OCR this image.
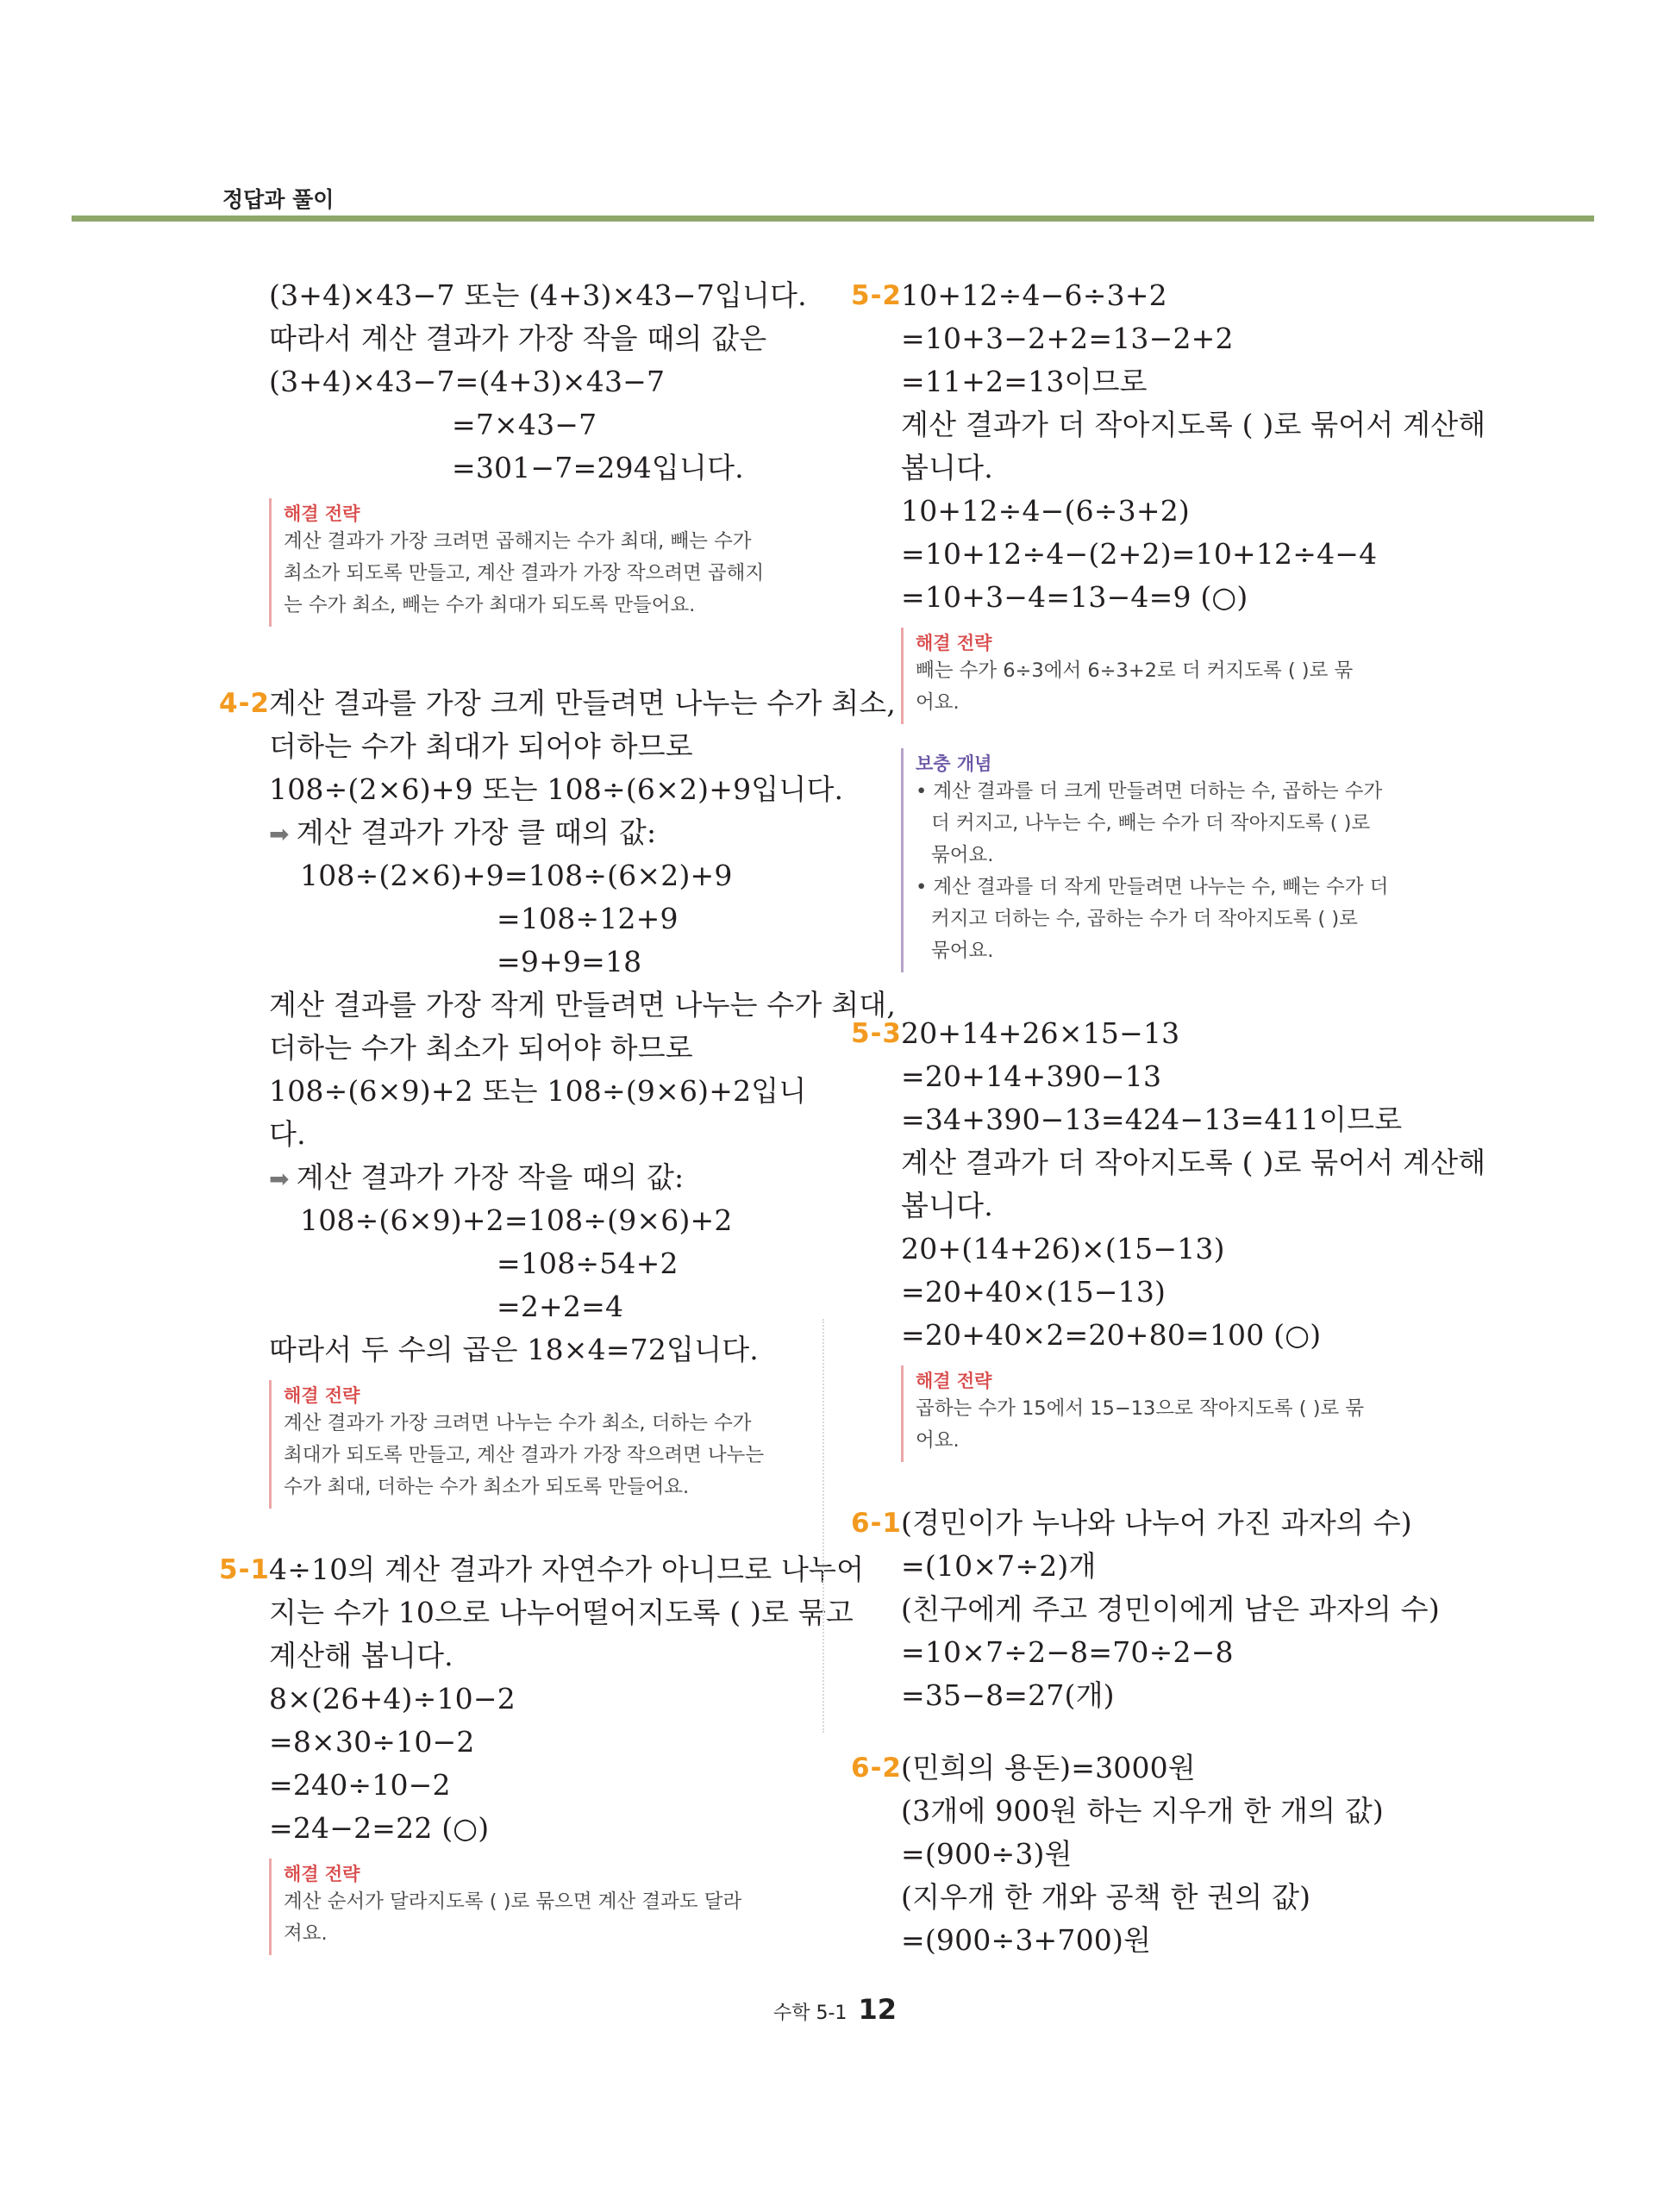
정답과 풀이
(3+4)×43−7 또는 (4+3)×43−7입니다.
따라서 계산 결과가 가장 작을 때의 값은
(3+4)×43−7=(4+3)×43−7
=7×43−7
=301−7=294입니다.
해결 전략
계산 결과가 가장 크려면 곱해지는 수가 최대, 빼는 수가
최소가 되도록 만들고, 계산 결과가 가장 작으려면 곱해지
는 수가 최소, 빼는 수가 최대가 되도록 만들어요.
4-2
계산 결과를 가장 크게 만들려면 나누는 수가 최소,
더하는 수가 최대가 되어야 하므로
108÷(2×6)+9 또는 108÷(6×2)+9입니다.
➡ 계산 결과가 가장 클 때의 값:
108÷(2×6)+9=108÷(6×2)+9
=108÷12+9
=9+9=18
계산 결과를 가장 작게 만들려면 나누는 수가 최대,
더하는 수가 최소가 되어야 하므로
108÷(6×9)+2 또는 108÷(9×6)+2입니
다.
➡ 계산 결과가 가장 작을 때의 값:
108÷(6×9)+2=108÷(9×6)+2
=108÷54+2
=2+2=4
따라서 두 수의 곱은 18×4=72입니다.
해결 전략
계산 결과가 가장 크려면 나누는 수가 최소, 더하는 수가
최대가 되도록 만들고, 계산 결과가 가장 작으려면 나누는
수가 최대, 더하는 수가 최소가 되도록 만들어요.
5-1
4÷10의 계산 결과가 자연수가 아니므로 나누어
지는 수가 10으로 나누어떨어지도록 ( )로 묶고
계산해 봅니다.
8×(26+4)÷10−2
=8×30÷10−2
=240÷10−2
=24−2=22 (○)
해결 전략
계산 순서가 달라지도록 ( )로 묶으면 계산 결과도 달라
져요.
5-2
10+12÷4−6÷3+2
=10+3−2+2=13−2+2
=11+2=13이므로
계산 결과가 더 작아지도록 ( )로 묶어서 계산해
봅니다.
10+12÷4−(6÷3+2)
=10+12÷4−(2+2)=10+12÷4−4
=10+3−4=13−4=9 (○)
해결 전략
빼는 수가 6÷3에서 6÷3+2로 더 커지도록 ( )로 묶
어요.
보충 개념
• 계산 결과를 더 크게 만들려면 더하는 수, 곱하는 수가
더 커지고, 나누는 수, 빼는 수가 더 작아지도록 ( )로
묶어요.
• 계산 결과를 더 작게 만들려면 나누는 수, 빼는 수가 더
커지고 더하는 수, 곱하는 수가 더 작아지도록 ( )로
묶어요.
5-3
20+14+26×15−13
=20+14+390−13
=34+390−13=424−13=411이므로
계산 결과가 더 작아지도록 ( )로 묶어서 계산해
봅니다.
20+(14+26)×(15−13)
=20+40×(15−13)
=20+40×2=20+80=100 (○)
해결 전략
곱하는 수가 15에서 15−13으로 작아지도록 ( )로 묶
어요.
6-1
(경민이가 누나와 나누어 가진 과자의 수)
=(10×7÷2)개
(친구에게 주고 경민이에게 남은 과자의 수)
=10×7÷2−8=70÷2−8
=35−8=27(개)
6-2
(민희의 용돈)=3000원
(3개에 900원 하는 지우개 한 개의 값)
=(900÷3)원
(지우개 한 개와 공책 한 권의 값)
=(900÷3+700)원
수학 5-1 12
